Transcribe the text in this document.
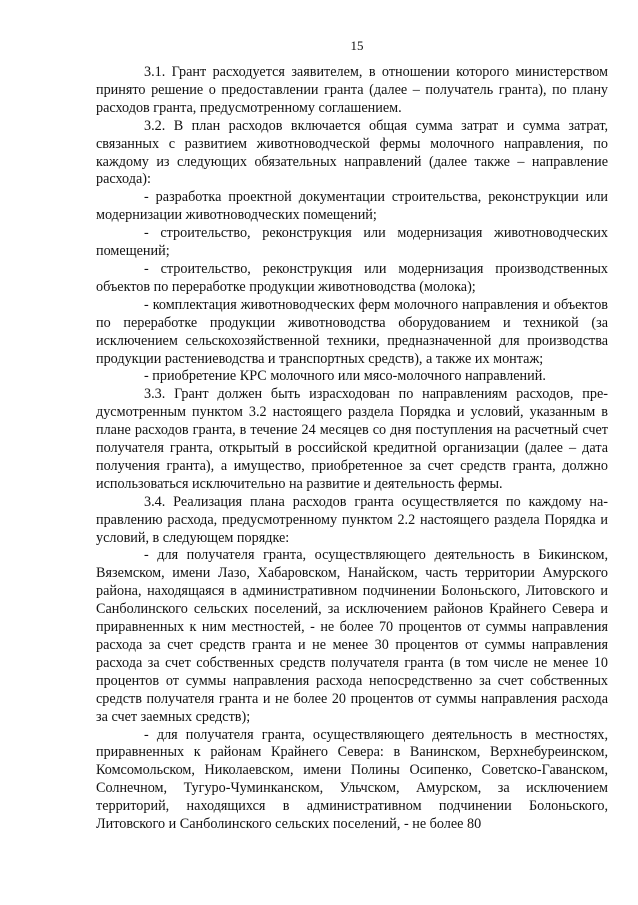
15

3.1. Грант расходуется заявителем, в отношении которого министерством принято решение о предоставлении гранта (далее – получатель гранта), по плану расходов гранта, предусмотренному соглашением.

3.2. В план расходов включается общая сумма затрат и сумма затрат, связанных с развитием животноводческой фермы молочного направления, по каждому из следующих обязательных направлений (далее также – направление расхода):

- разработка проектной документации строительства, реконструкции или модернизации животноводческих помещений;

- строительство, реконструкция или модернизация животноводческих помещений;

- строительство, реконструкция или модернизация производственных объектов по переработке продукции животноводства (молока);

- комплектация животноводческих ферм молочного направления и объектов по переработке продукции животноводства оборудованием и техникой (за исключением сельскохозяйственной техники, предназначенной для производства продукции растениеводства и транспортных средств), а также их монтаж;

- приобретение КРС молочного или мясо-молочного направлений.

3.3. Грант должен быть израсходован по направлениям расходов, предусмотренным пунктом 3.2 настоящего раздела Порядка и условий, указанным в плане расходов гранта, в течение 24 месяцев со дня поступления на расчетный счет получателя гранта, открытый в российской кредитной организации (далее – дата получения гранта), а имущество, приобретенное за счет средств гранта, должно использоваться исключительно на развитие и деятельность фермы.

3.4. Реализация плана расходов гранта осуществляется по каждому направлению расхода, предусмотренному пунктом 2.2 настоящего раздела Порядка и условий, в следующем порядке:

- для получателя гранта, осуществляющего деятельность в Бикинском, Вяземском, имени Лазо, Хабаровском, Нанайском, часть территории Амурского района, находящаяся в административном подчинении Болоньского, Литовского и Санболинского сельских поселений, за исключением районов Крайнего Севера и приравненных к ним местностей, - не более 70 процентов от суммы направления расхода за счет средств гранта и не менее 30 процентов от суммы направления расхода за счет собственных средств получателя гранта (в том числе не менее 10 процентов от суммы направления расхода непосредственно за счет собственных средств получателя гранта и не более 20 процентов от суммы направления расхода за счет заемных средств);

- для получателя гранта, осуществляющего деятельность в местностях, приравненных к районам Крайнего Севера: в Ванинском, Верхнебуреинском, Комсомольском, Николаевском, имени Полины Осипенко, Советско-Гаванском, Солнечном, Тугуро-Чуминканском, Ульчском, Амурском, за исключением территорий, находящихся в административном подчинении Болоньского, Литовского и Санболинского сельских поселений, - не более 80
